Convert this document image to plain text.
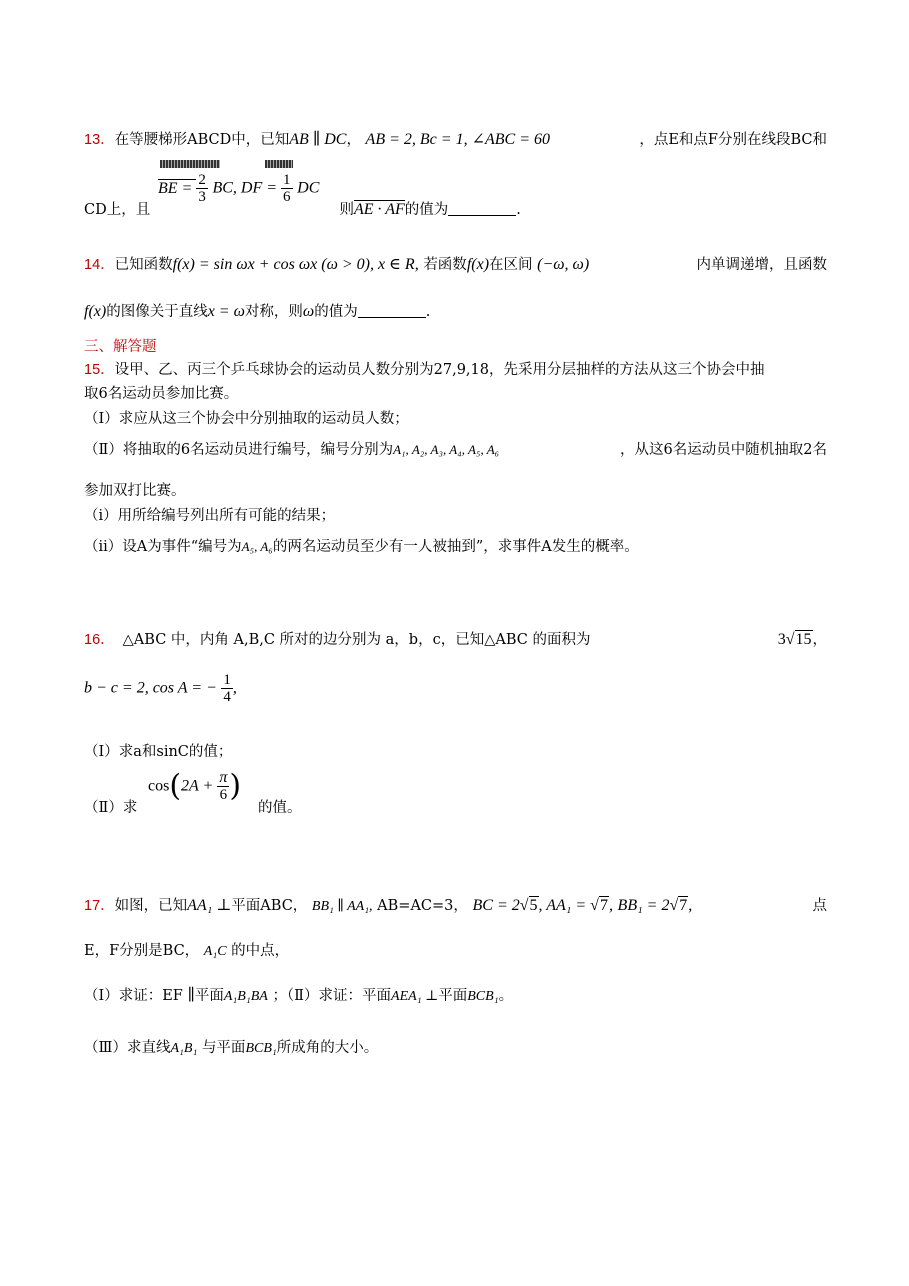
13．在等腰梯形ABCD中，已知AB ∥ DC， AB = 2, Bc = 1, ∠ABC = 60	，点E和点F分别在线段BC和

BE = $\frac{2}{3}$ BC, DF = $\frac{1}{6}$ DC
CD上，且	则AE · AF的值为	.
14．已知函数f(x) = sin ωx + cos ωx (ω > 0), x ∈ R, 若函数f(x)在区间 (−ω, ω)	内单调递增，且函数
f(x)的图像关于直线x = ω对称，则ω的值为	.
三、解答题
15．设甲、乙、丙三个乒乓球协会的运动员人数分别为27,9,18，先采用分层抽样的方法从这三个协会中抽
取6名运动员参加比赛。
（Ⅰ）求应从这三个协会中分别抽取的运动员人数；
（Ⅱ）将抽取的6名运动员进行编号，编号分别为A₁, A₂, A₃, A₄, A₅, A₆	，从这6名运动员中随机抽取2名
参加双打比赛。
（i）用所给编号列出所有可能的结果；
（ii）设A为事件“编号为A₅, A₆的两名运动员至少有一人被抽到”，求事件A发生的概率。
16． △ABC 中，内角 A,B,C 所对的边分别为 a，b，c，已知△ABC 的面积为	3√15，
b − c = 2, cos A = − $\frac{1}{4}$ ,
（Ⅰ）求a和sinC的值；
（Ⅱ）求
$\cos(2A + \frac{\pi}{6}$ )
的值。
17．如图，已知AA₁ ⊥平面ABC， BB₁ ∥ AA₁, AB=AC=3， BC = 2√5, AA₁ = √7, BB₁ = 2√7,	点
E，F分别是BC， A₁C 的中点，
（Ⅰ）求证：EF ∥平面A₁B₁BA ；（Ⅱ）求证：平面AEA₁ ⊥平面BCB₁。
（Ⅲ）求直线A₁B₁ 与平面BCB₁所成角的大小。
